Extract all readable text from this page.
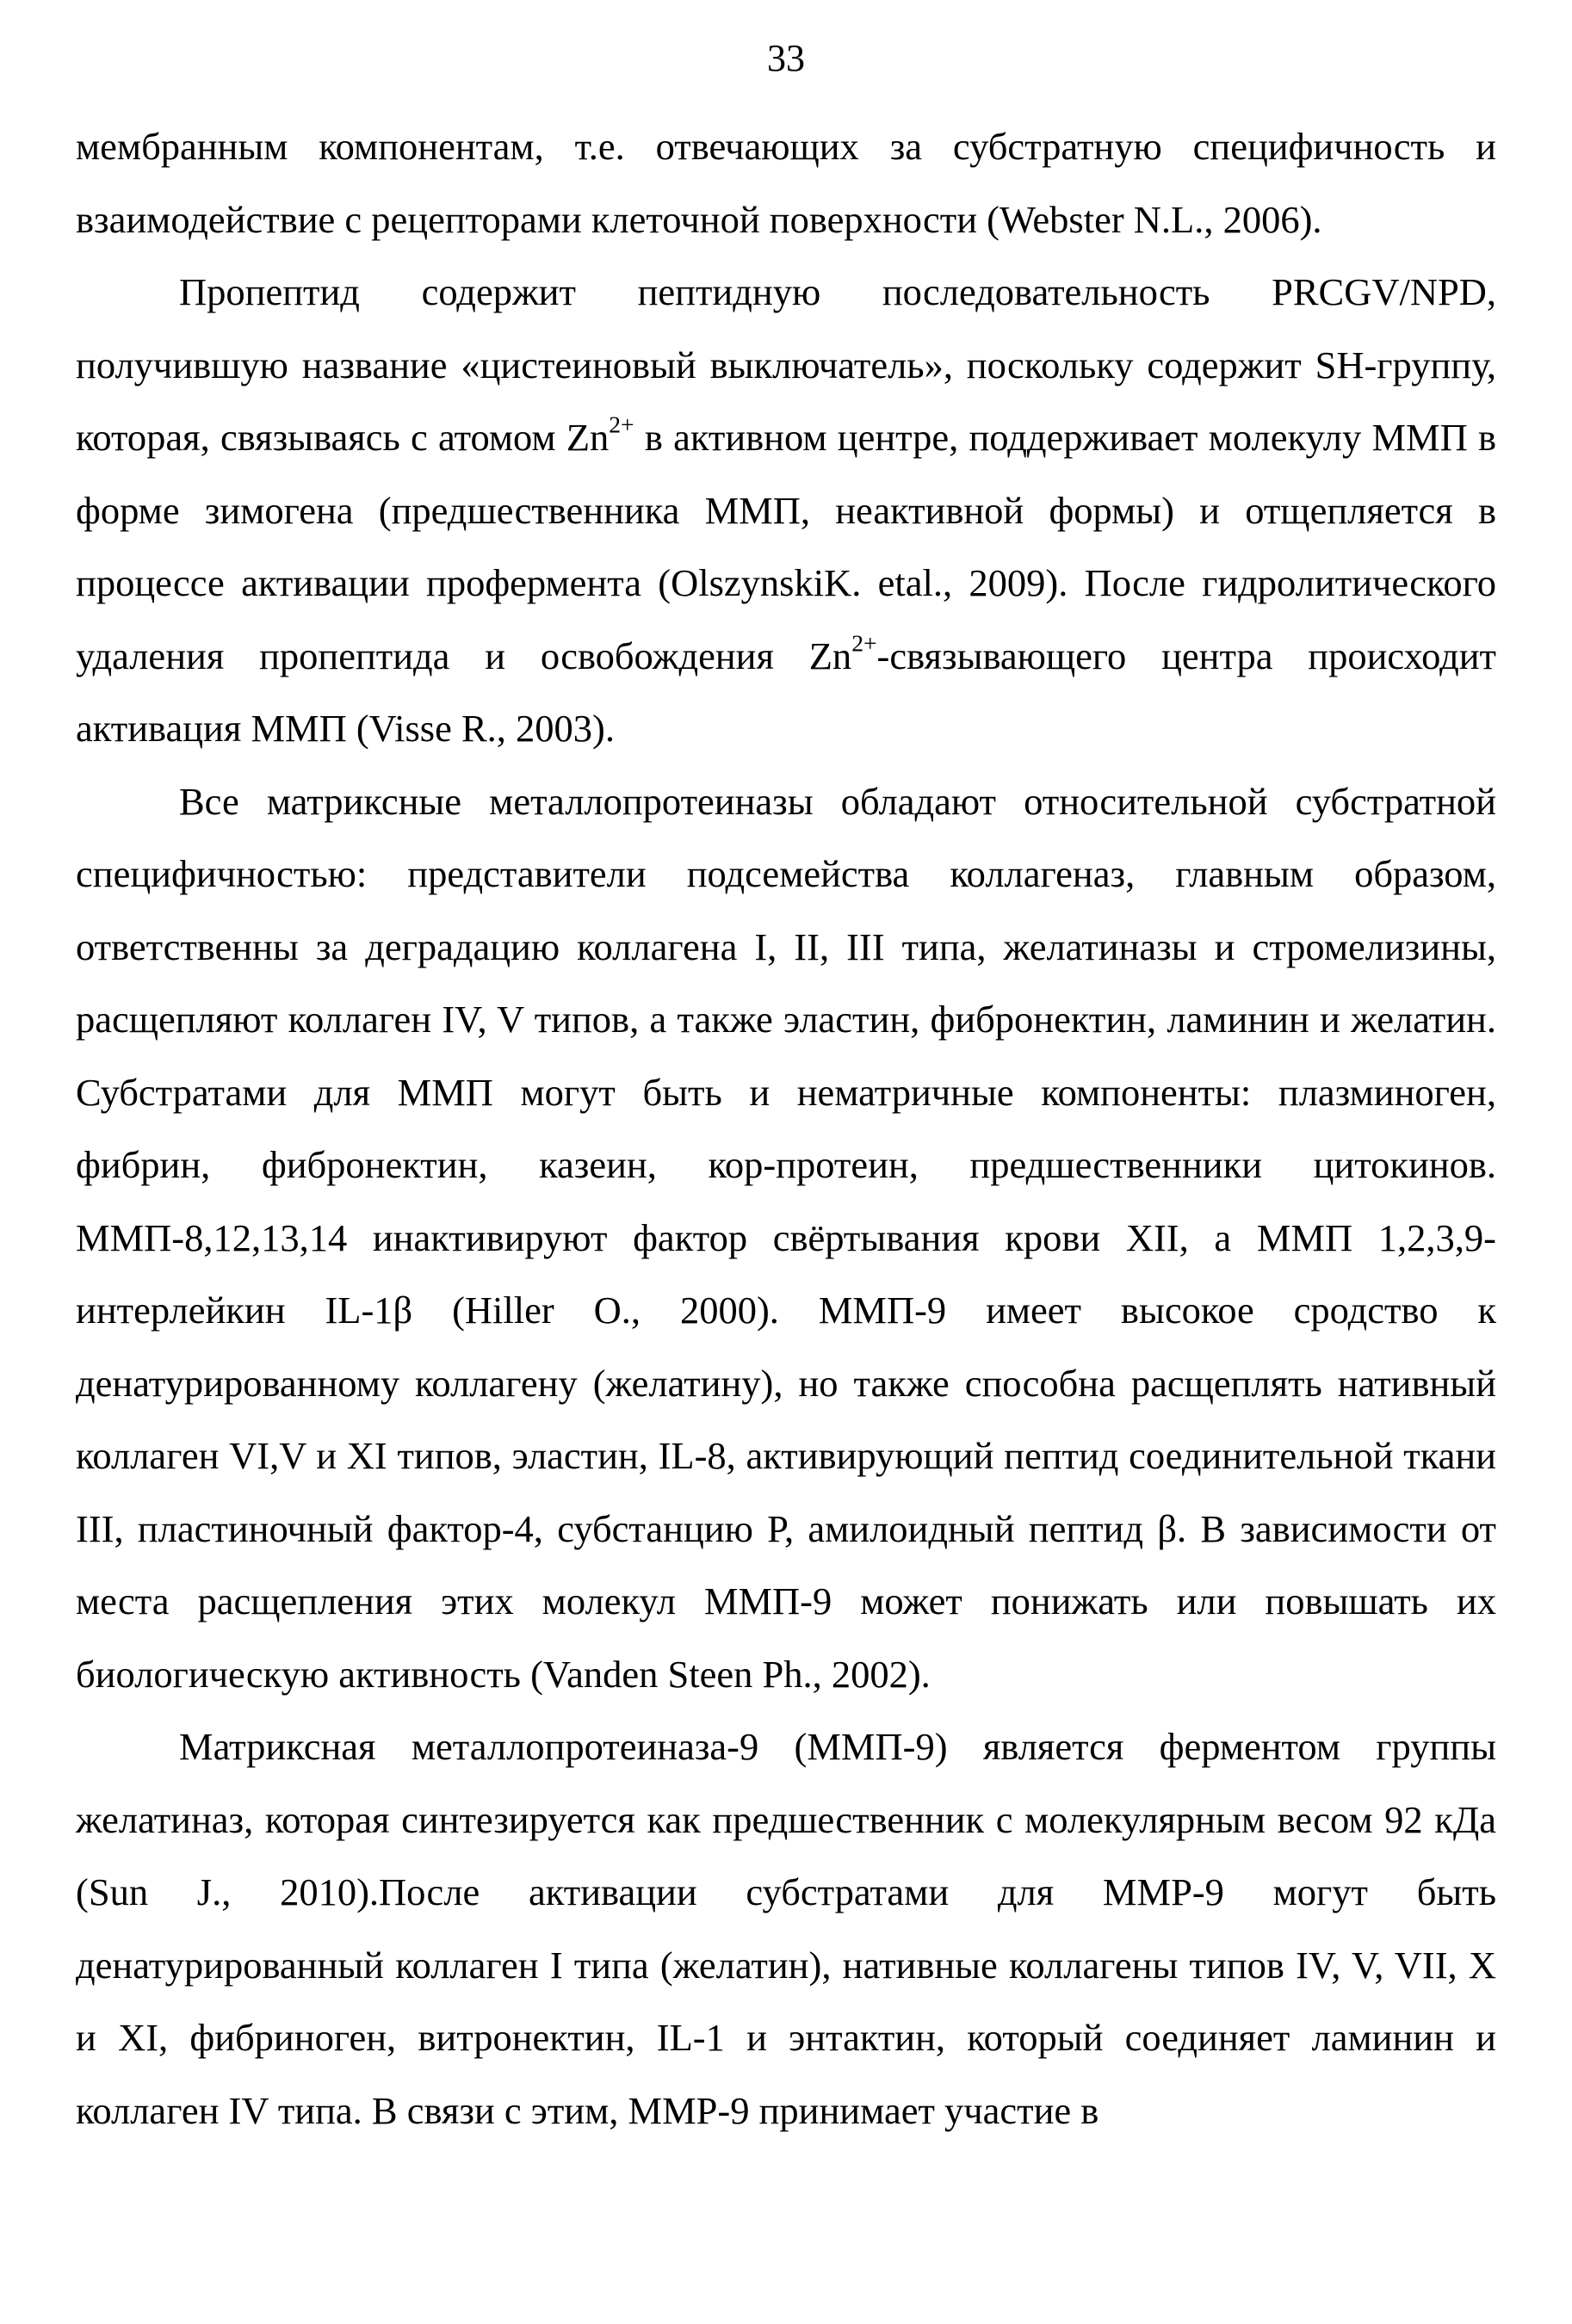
33

мембранным компонентам, т.е. отвечающих за субстратную специфичность и взаимодействие с рецепторами клеточной поверхности (Webster N.L., 2006).

Пропептид содержит пептидную последовательность PRCGV/NPD, получившую название «цистеиновый выключатель», поскольку содержит SH-группу, которая, связываясь с атомом $Zn^{2+}$ в активном центре, поддерживает молекулу ММП в форме зимогена (предшественника ММП, неактивной формы) и отщепляется в процессе активации профермента (OlszynskiK. etal., 2009). После гидролитического удаления пропептида и освобождения $Zn^{2+}$-связывающего центра происходит активация ММП (Visse R., 2003).

Все матриксные металлопротеиназы обладают относительной субстратной специфичностью: представители подсемейства коллагеназ, главным образом, ответственны за деградацию коллагена I, II, III типа, желатиназы и стромелизины, расщепляют коллаген IV, V типов, а также эластин, фибронектин, ламинин и желатин. Субстратами для ММП могут быть и нематричные компоненты: плазминоген, фибрин, фибронектин, казеин, кор-протеин, предшественники цитокинов. ММП-8,12,13,14 инактивируют фактор свёртывания крови XII, а ММП 1,2,3,9- интерлейкин IL-1β (Hiller O., 2000). ММП-9 имеет высокое сродство к денатурированному коллагену (желатину), но также способна расщеплять нативный коллаген VI,V и XI типов, эластин, IL-8, активирующий пептид соединительной ткани III, пластиночный фактор-4, субстанцию P, амилоидный пептид β. В зависимости от места расщепления этих молекул ММП-9 может понижать или повышать их биологическую активность (Vanden Steen Ph., 2002).

Матриксная металлопротеиназа-9 (ММП-9) является ферментом группы желатиназ, которая синтезируется как предшественник с молекулярным весом 92 кДа (Sun J., 2010).После активации субстратами для MMP-9 могут быть денатурированный коллаген I типа (желатин), нативные коллагены типов IV, V, VII, X и XI, фибриноген, витронектин, IL-1 и энтактин, который соединяет ламинин и коллаген IV типа. В связи с этим, MMP-9 принимает участие в
